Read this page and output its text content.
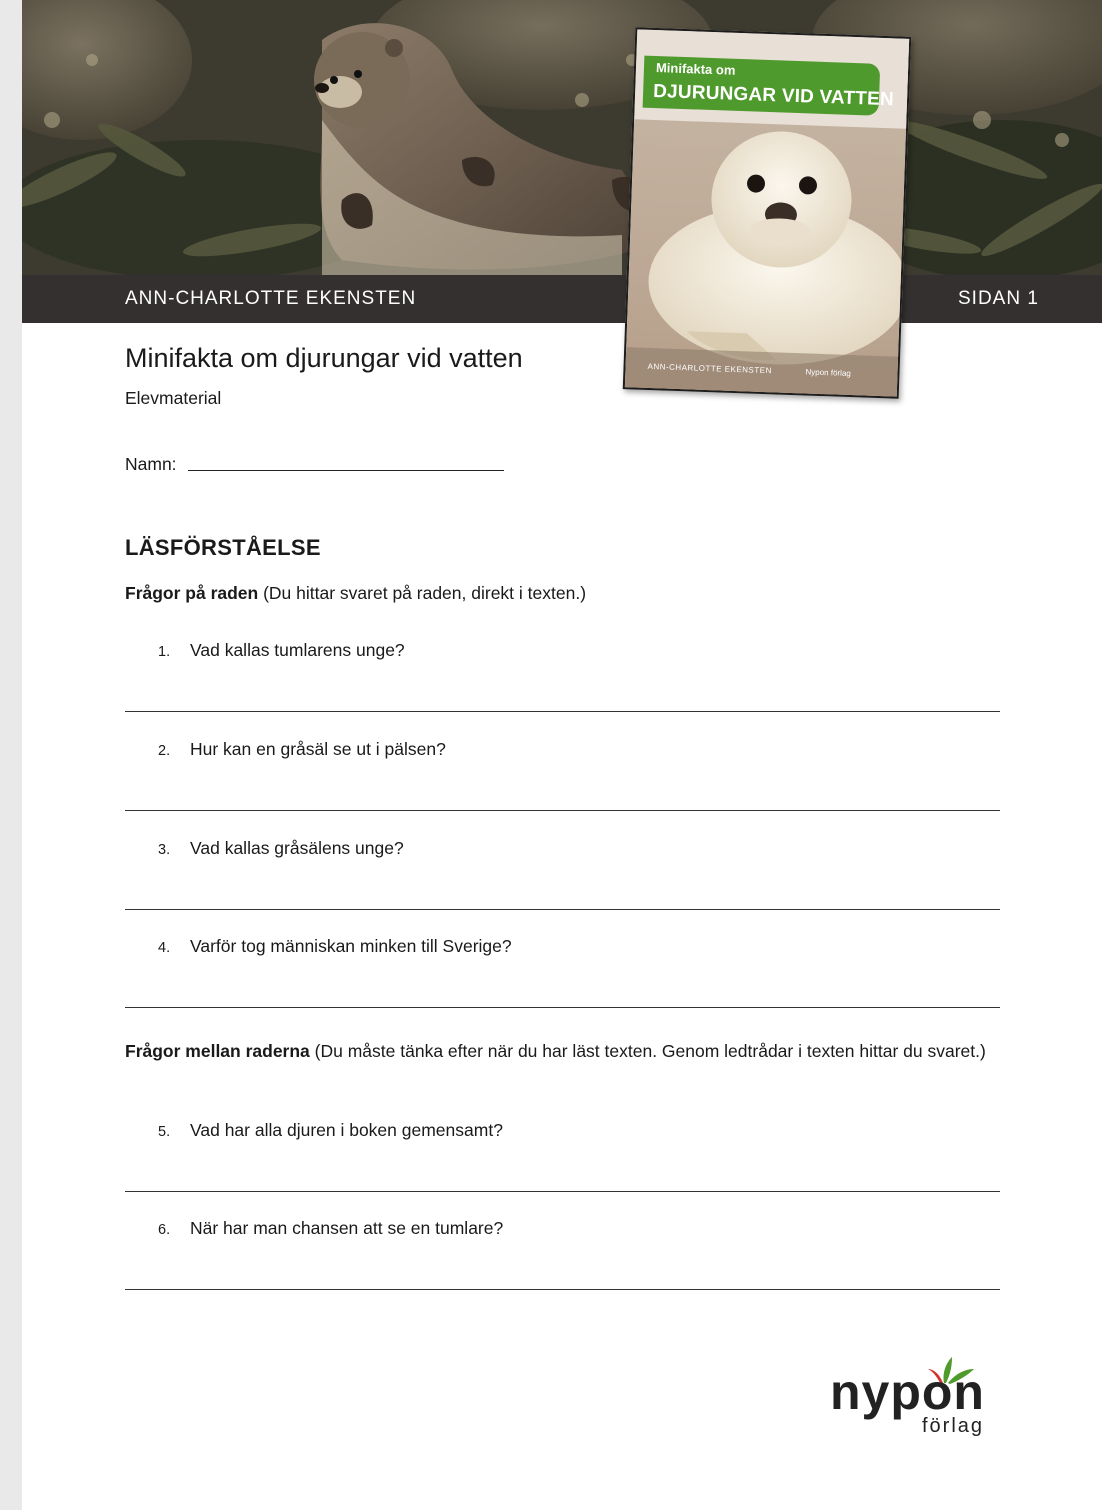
ANN-CHARLOTTE EKENSTEN	SIDAN 1
Minifakta om
DJURUNGAR VID VATTEN
ANN-CHARLOTTE EKENSTEN	Nypon förlag
Minifakta om djurungar vid vatten
Elevmaterial
Namn:
LÄSFÖRSTÅELSE
Frågor på raden (Du hittar svaret på raden, direkt i texten.)
1. Vad kallas tumlarens unge?
2. Hur kan en gråsäl se ut i pälsen?
3. Vad kallas gråsälens unge?
4. Varför tog människan minken till Sverige?
Frågor mellan raderna (Du måste tänka efter när du har läst texten. Genom ledtrådar i texten hittar du svaret.)
5. Vad har alla djuren i boken gemensamt?
6. När har man chansen att se en tumlare?
nypon
förlag
